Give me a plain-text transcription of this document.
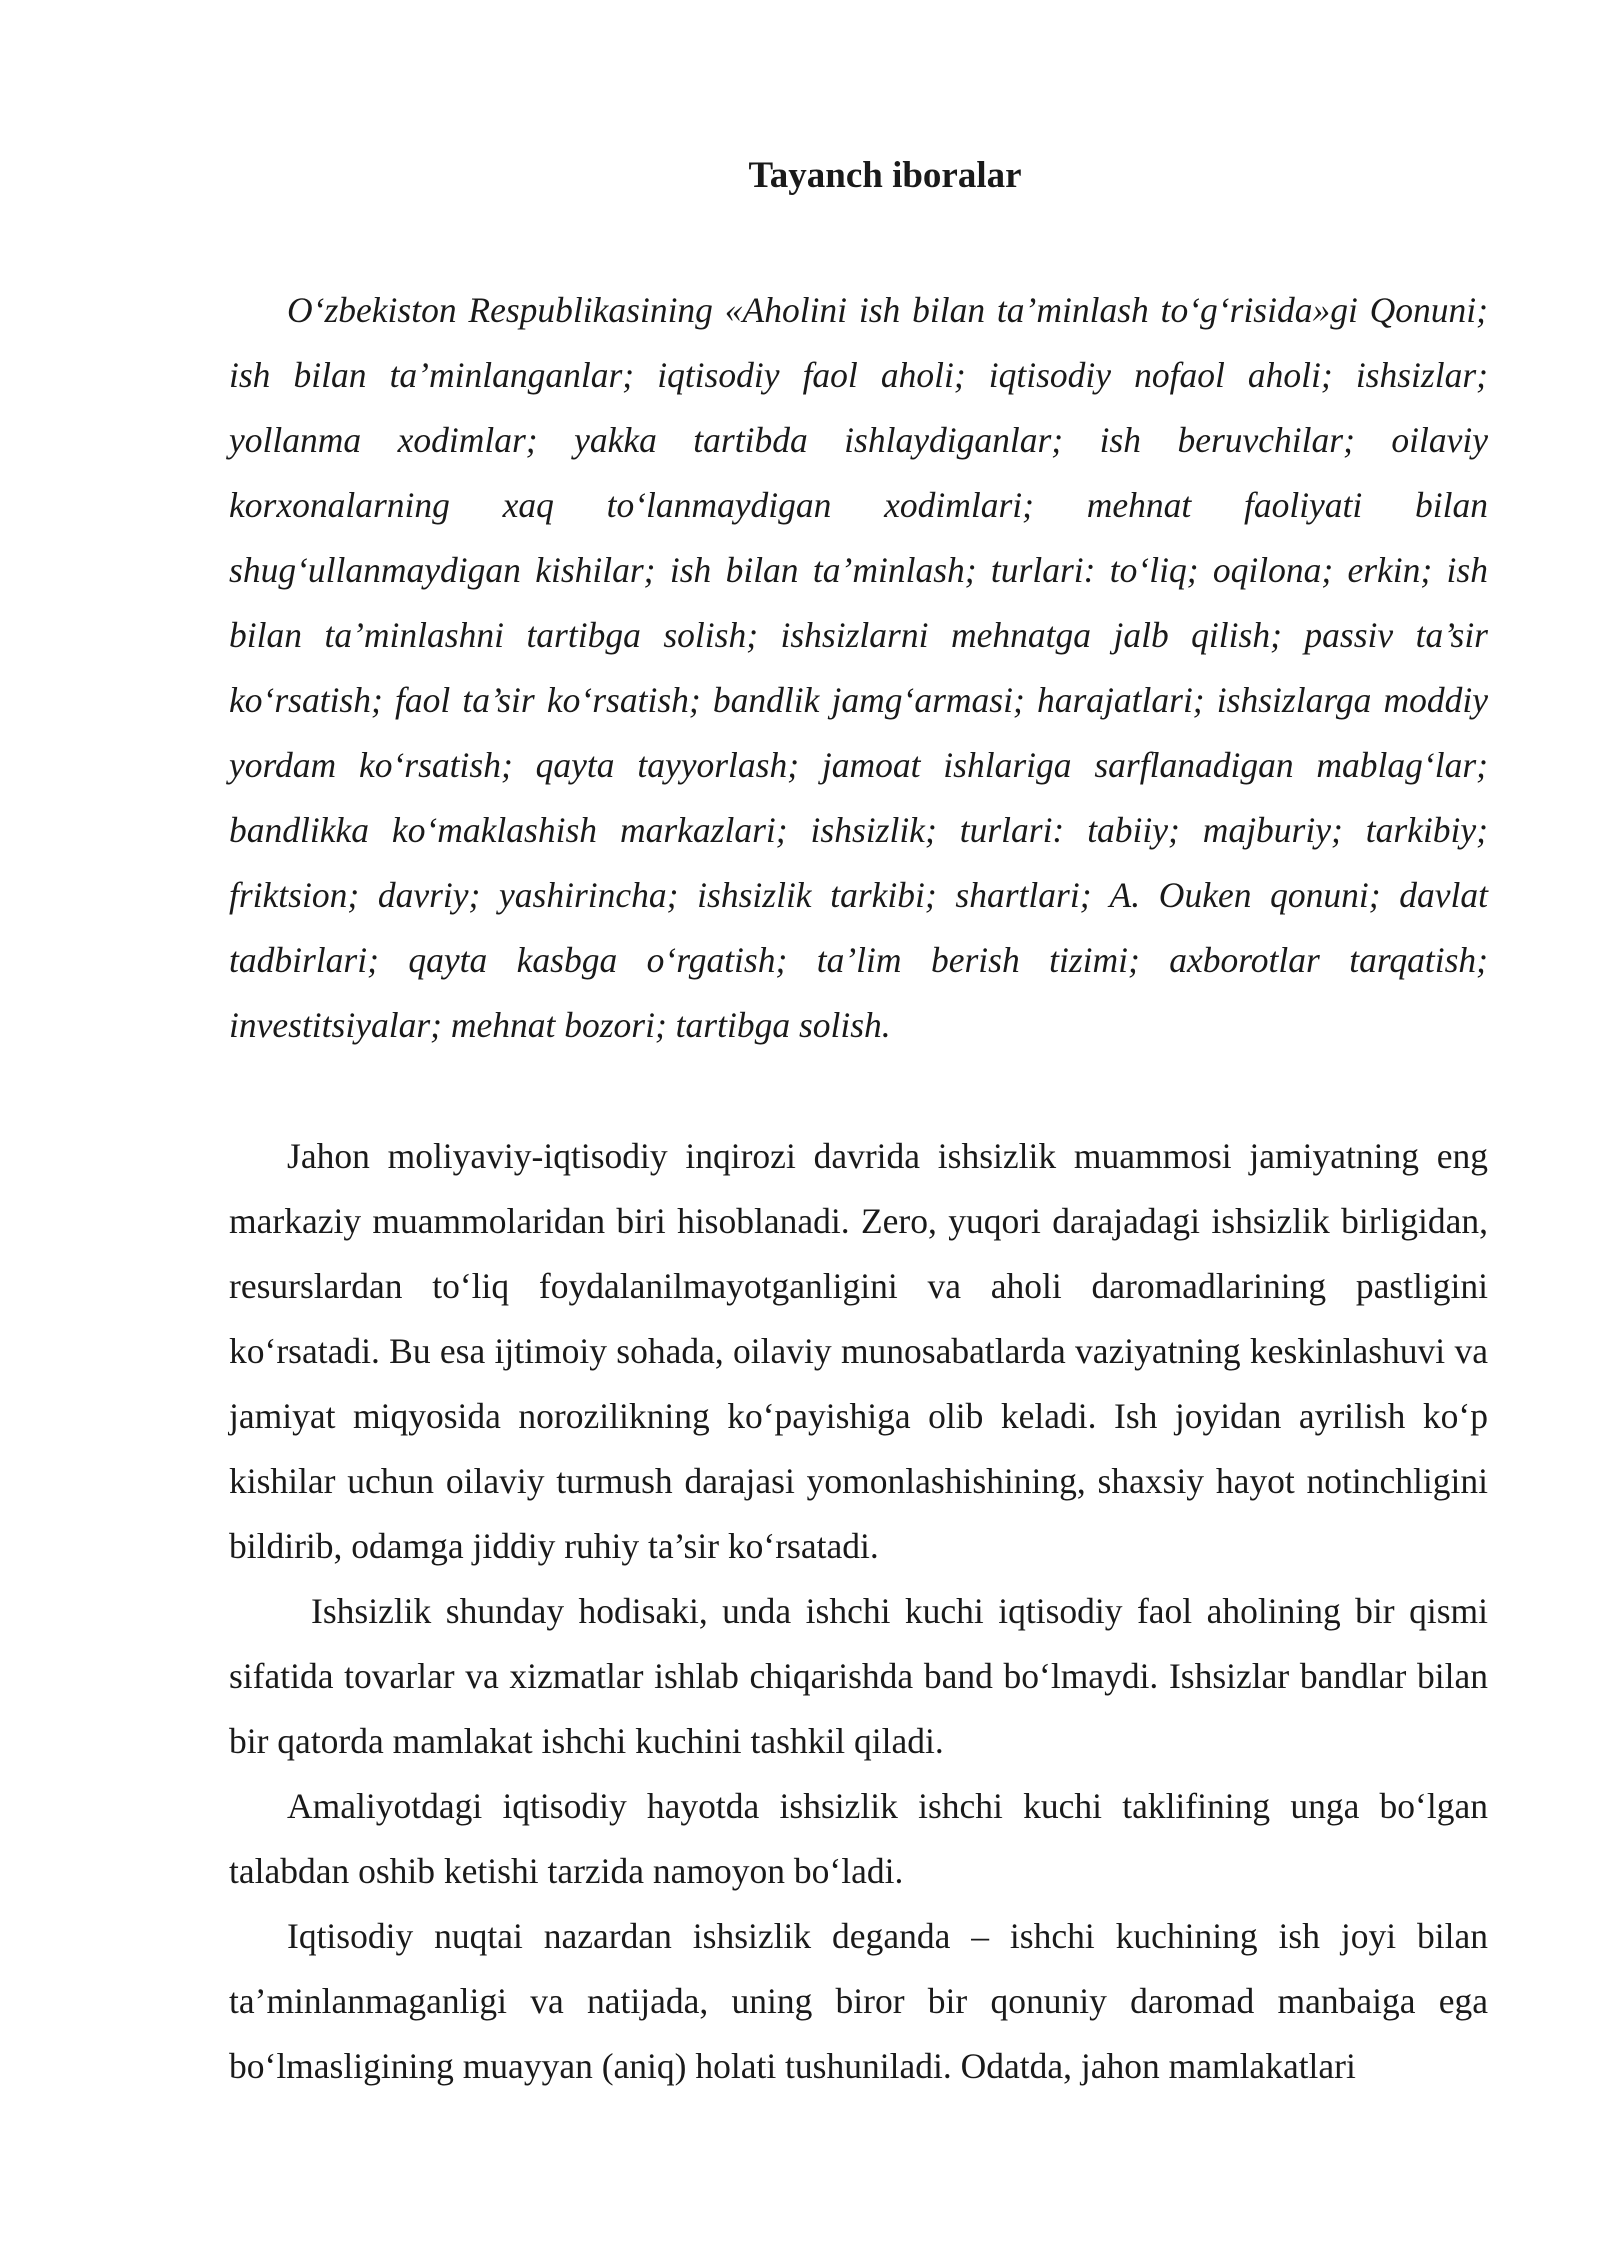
Tayanch iboralar

O‘zbekiston Respublikasining «Aholini ish bilan ta’minlash to‘g‘risida»gi Qonuni; ish bilan ta’minlanganlar; iqtisodiy faol aholi; iqtisodiy nofaol aholi; ishsizlar; yollanma xodimlar; yakka tartibda ishlaydiganlar; ish beruvchilar; oilaviy korxonalarning xaq to‘lanmaydigan xodimlari; mehnat faoliyati bilan shug‘ullanmaydigan kishilar; ish bilan ta’minlash; turlari: to‘liq; oqilona; erkin; ish bilan ta’minlashni tartibga solish; ishsizlarni mehnatga jalb qilish; passiv ta’sir ko‘rsatish; faol ta’sir ko‘rsatish; bandlik jamg‘armasi; harajatlari; ishsizlarga moddiy yordam ko‘rsatish; qayta tayyorlash; jamoat ishlariga sarflanadigan mablag‘lar; bandlikka ko‘maklashish markazlari; ishsizlik; turlari: tabiiy; majburiy; tarkibiy; friktsion; davriy; yashirincha; ishsizlik tarkibi; shartlari; A. Ouken qonuni; davlat tadbirlari; qayta kasbga o‘rgatish; ta’lim berish tizimi; axborotlar tarqatish; investitsiyalar; mehnat bozori; tartibga solish.

Jahon moliyaviy-iqtisodiy inqirozi davrida ishsizlik muammosi jamiyatning eng markaziy muammolaridan biri hisoblanadi. Zero, yuqori darajadagi ishsizlik birligidan, resurslardan to‘liq foydalanilmayotganligini va aholi daromadlarining pastligini ko‘rsatadi. Bu esa ijtimoiy sohada, oilaviy munosabatlarda vaziyatning keskinlashuvi va jamiyat miqyosida norozilikning ko‘payishiga olib keladi. Ish joyidan ayrilish ko‘p kishilar uchun oilaviy turmush darajasi yomonlashishining, shaxsiy hayot notinchligini bildirib, odamga jiddiy ruhiy ta’sir ko‘rsatadi.

Ishsizlik shunday hodisaki, unda ishchi kuchi iqtisodiy faol aholining bir qismi sifatida tovarlar va xizmatlar ishlab chiqarishda band bo‘lmaydi. Ishsizlar bandlar bilan bir qatorda mamlakat ishchi kuchini tashkil qiladi.

Amaliyotdagi iqtisodiy hayotda ishsizlik ishchi kuchi taklifining unga bo‘lgan talabdan oshib ketishi tarzida namoyon bo‘ladi.

Iqtisodiy nuqtai nazardan ishsizlik deganda – ishchi kuchining ish joyi bilan ta’minlanmaganligi va natijada, uning biror bir qonuniy daromad manbaiga ega bo‘lmasligining muayyan (aniq) holati tushuniladi. Odatda, jahon mamlakatlari
